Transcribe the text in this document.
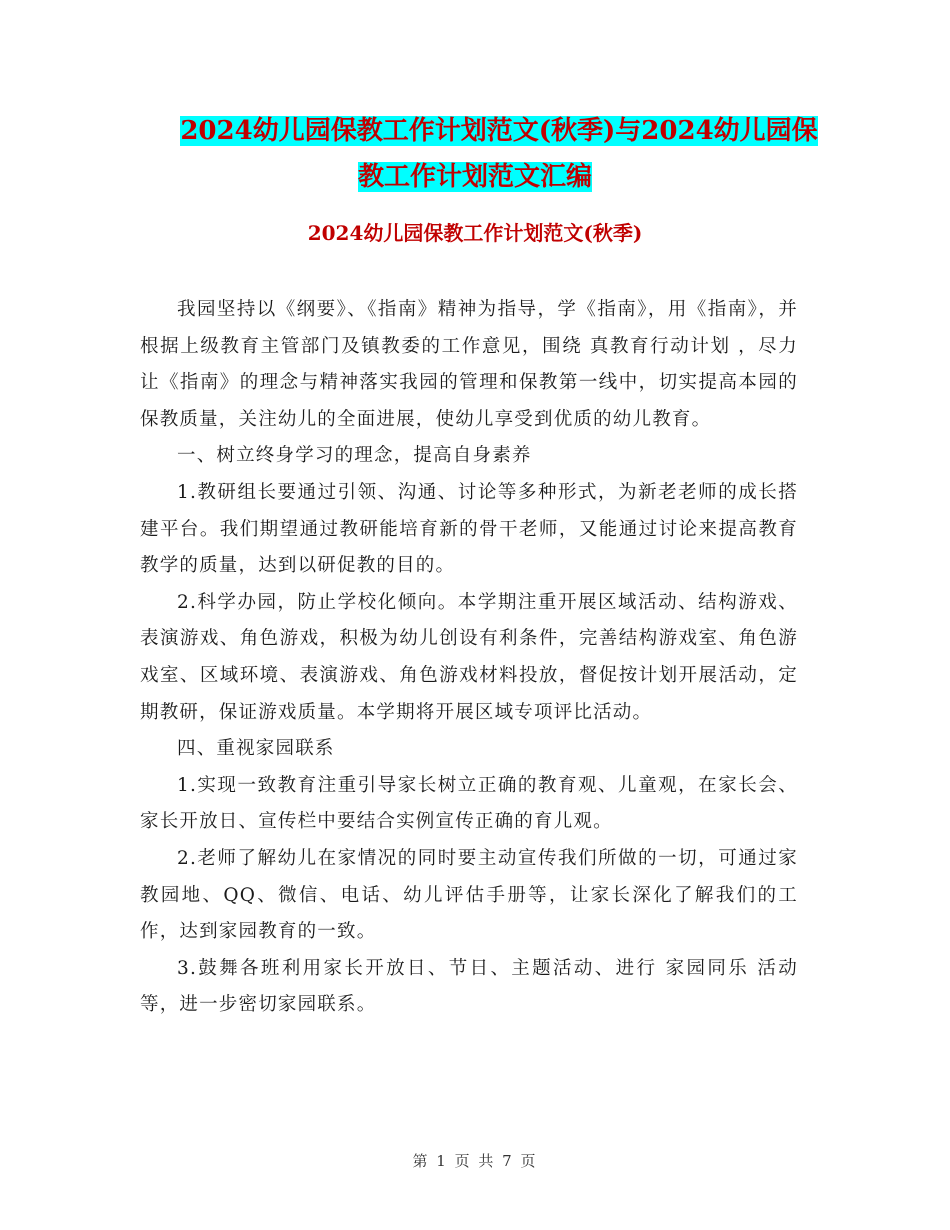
2024幼儿园保教工作计划范文(秋季)与2024幼儿园保
教工作计划范文汇编
2024幼儿园保教工作计划范文(秋季)

我园坚持以《纲要》、《指南》精神为指导，学《指南》，用《指南》，并根据上级教育主管部门及镇教委的工作意见，围绕 真教育行动计划 ，尽力让《指南》的理念与精神落实我园的管理和保教第一线中，切实提高本园的保教质量，关注幼儿的全面进展，使幼儿享受到优质的幼儿教育。

一、树立终身学习的理念，提高自身素养

1.教研组长要通过引领、沟通、讨论等多种形式，为新老老师的成长搭建平台。我们期望通过教研能培育新的骨干老师，又能通过讨论来提高教育教学的质量，达到以研促教的目的。

2.科学办园，防止学校化倾向。本学期注重开展区域活动、结构游戏、表演游戏、角色游戏，积极为幼儿创设有利条件，完善结构游戏室、角色游戏室、区域环境、表演游戏、角色游戏材料投放，督促按计划开展活动，定期教研，保证游戏质量。本学期将开展区域专项评比活动。

四、重视家园联系

1.实现一致教育注重引导家长树立正确的教育观、儿童观，在家长会、家长开放日、宣传栏中要结合实例宣传正确的育儿观。

2.老师了解幼儿在家情况的同时要主动宣传我们所做的一切，可通过家教园地、QQ、微信、电话、幼儿评估手册等，让家长深化了解我们的工作，达到家园教育的一致。

3.鼓舞各班利用家长开放日、节日、主题活动、进行 家园同乐 活动等，进一步密切家园联系。

第 1 页 共 7 页
